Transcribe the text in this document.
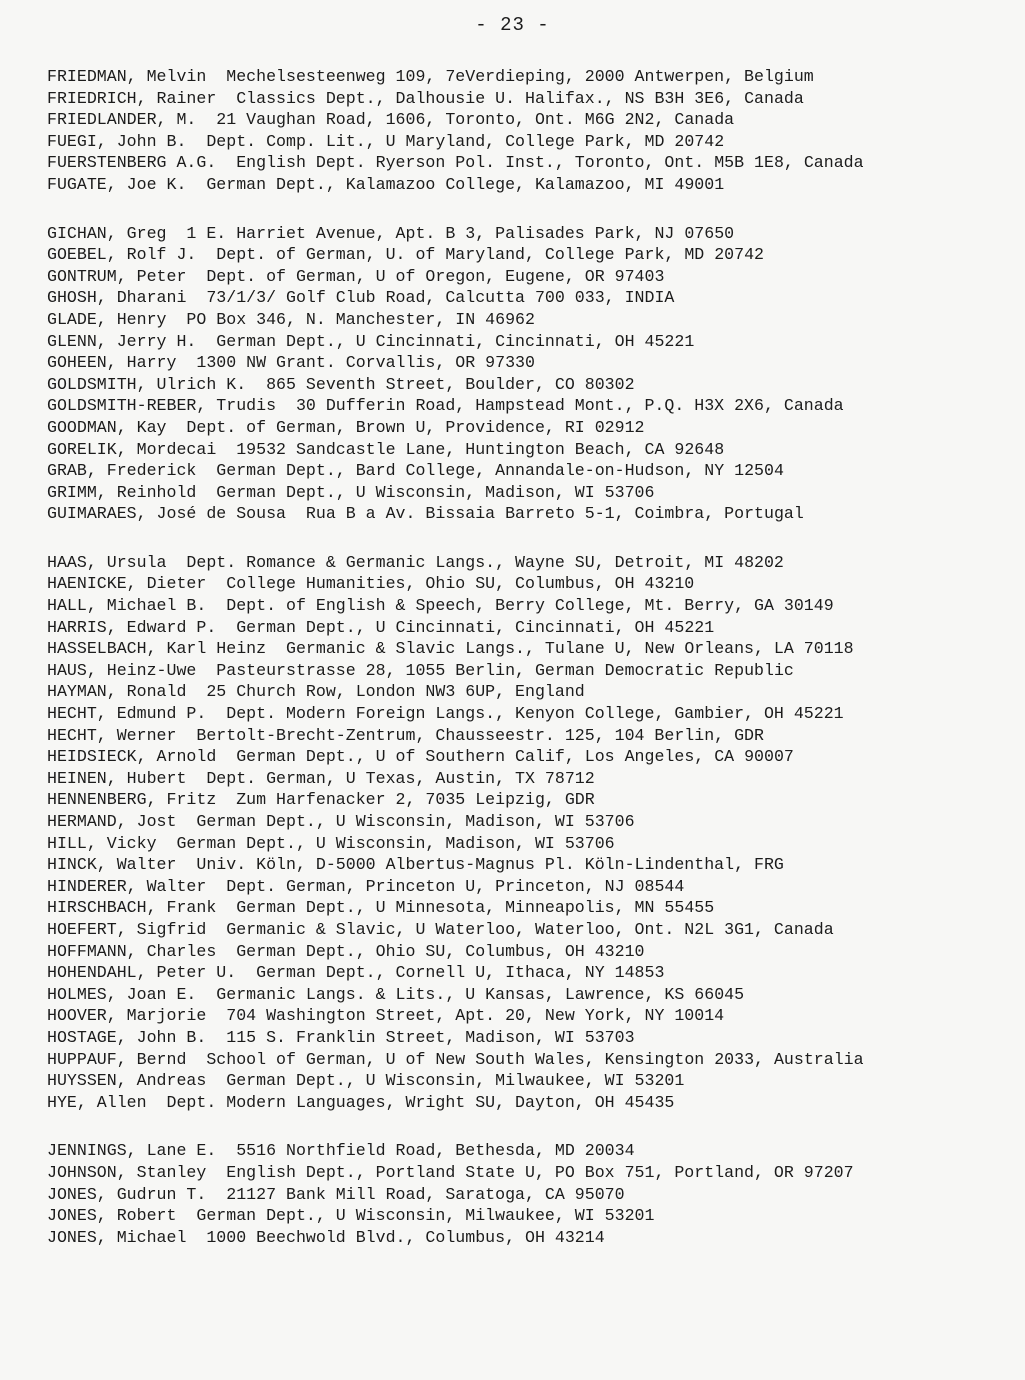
- 23 -
FRIEDMAN, Melvin Mechelsesteenweg 109, 7eVerdieping, 2000 Antwerpen, Belgium
FRIEDRICH, Rainer Classics Dept., Dalhousie U. Halifax., NS B3H 3E6, Canada
FRIEDLANDER, M. 21 Vaughan Road, 1606, Toronto, Ont. M6G 2N2, Canada
FUEGI, John B. Dept. Comp. Lit., U Maryland, College Park, MD 20742
FUERSTENBERG A.G. English Dept. Ryerson Pol. Inst., Toronto, Ont. M5B 1E8, Canada
FUGATE, Joe K. German Dept., Kalamazoo College, Kalamazoo, MI 49001
GICHAN, Greg 1 E. Harriet Avenue, Apt. B 3, Palisades Park, NJ 07650
GOEBEL, Rolf J. Dept. of German, U. of Maryland, College Park, MD 20742
GONTRUM, Peter Dept. of German, U of Oregon, Eugene, OR 97403
GHOSH, Dharani 73/1/3/ Golf Club Road, Calcutta 700 033, INDIA
GLADE, Henry PO Box 346, N. Manchester, IN 46962
GLENN, Jerry H. German Dept., U Cincinnati, Cincinnati, OH 45221
GOHEEN, Harry 1300 NW Grant. Corvallis, OR 97330
GOLDSMITH, Ulrich K. 865 Seventh Street, Boulder, CO 80302
GOLDSMITH-REBER, Trudis 30 Dufferin Road, Hampstead Mont., P.Q. H3X 2X6, Canada
GOODMAN, Kay Dept. of German, Brown U, Providence, RI 02912
GORELIK, Mordecai 19532 Sandcastle Lane, Huntington Beach, CA 92648
GRAB, Frederick German Dept., Bard College, Annandale-on-Hudson, NY 12504
GRIMM, Reinhold German Dept., U Wisconsin, Madison, WI 53706
GUIMARAES, José de Sousa Rua B a Av. Bissaia Barreto 5-1, Coimbra, Portugal
HAAS, Ursula Dept. Romance & Germanic Langs., Wayne SU, Detroit, MI 48202
HAENICKE, Dieter College Humanities, Ohio SU, Columbus, OH 43210
HALL, Michael B. Dept. of English & Speech, Berry College, Mt. Berry, GA 30149
HARRIS, Edward P. German Dept., U Cincinnati, Cincinnati, OH 45221
HASSELBACH, Karl Heinz Germanic & Slavic Langs., Tulane U, New Orleans, LA 70118
HAUS, Heinz-Uwe Pasteurstrasse 28, 1055 Berlin, German Democratic Republic
HAYMAN, Ronald 25 Church Row, London NW3 6UP, England
HECHT, Edmund P. Dept. Modern Foreign Langs., Kenyon College, Gambier, OH 45221
HECHT, Werner Bertolt-Brecht-Zentrum, Chausseestr. 125, 104 Berlin, GDR
HEIDSIECK, Arnold German Dept., U of Southern Calif, Los Angeles, CA 90007
HEINEN, Hubert Dept. German, U Texas, Austin, TX 78712
HENNENBERG, Fritz Zum Harfenacker 2, 7035 Leipzig, GDR
HERMAND, Jost German Dept., U Wisconsin, Madison, WI 53706
HILL, Vicky German Dept., U Wisconsin, Madison, WI 53706
HINCK, Walter Univ. Köln, D-5000 Albertus-Magnus Pl. Köln-Lindenthal, FRG
HINDERER, Walter Dept. German, Princeton U, Princeton, NJ 08544
HIRSCHBACH, Frank German Dept., U Minnesota, Minneapolis, MN 55455
HOEFERT, Sigfrid Germanic & Slavic, U Waterloo, Waterloo, Ont. N2L 3G1, Canada
HOFFMANN, Charles German Dept., Ohio SU, Columbus, OH 43210
HOHENDAHL, Peter U. German Dept., Cornell U, Ithaca, NY 14853
HOLMES, Joan E. Germanic Langs. & Lits., U Kansas, Lawrence, KS 66045
HOOVER, Marjorie 704 Washington Street, Apt. 20, New York, NY 10014
HOSTAGE, John B. 115 S. Franklin Street, Madison, WI 53703
HUPPAUF, Bernd School of German, U of New South Wales, Kensington 2033, Australia
HUYSSEN, Andreas German Dept., U Wisconsin, Milwaukee, WI 53201
HYE, Allen Dept. Modern Languages, Wright SU, Dayton, OH 45435
JENNINGS, Lane E. 5516 Northfield Road, Bethesda, MD 20034
JOHNSON, Stanley English Dept., Portland State U, PO Box 751, Portland, OR 97207
JONES, Gudrun T. 21127 Bank Mill Road, Saratoga, CA 95070
JONES, Robert German Dept., U Wisconsin, Milwaukee, WI 53201
JONES, Michael 1000 Beechwold Blvd., Columbus, OH 43214
